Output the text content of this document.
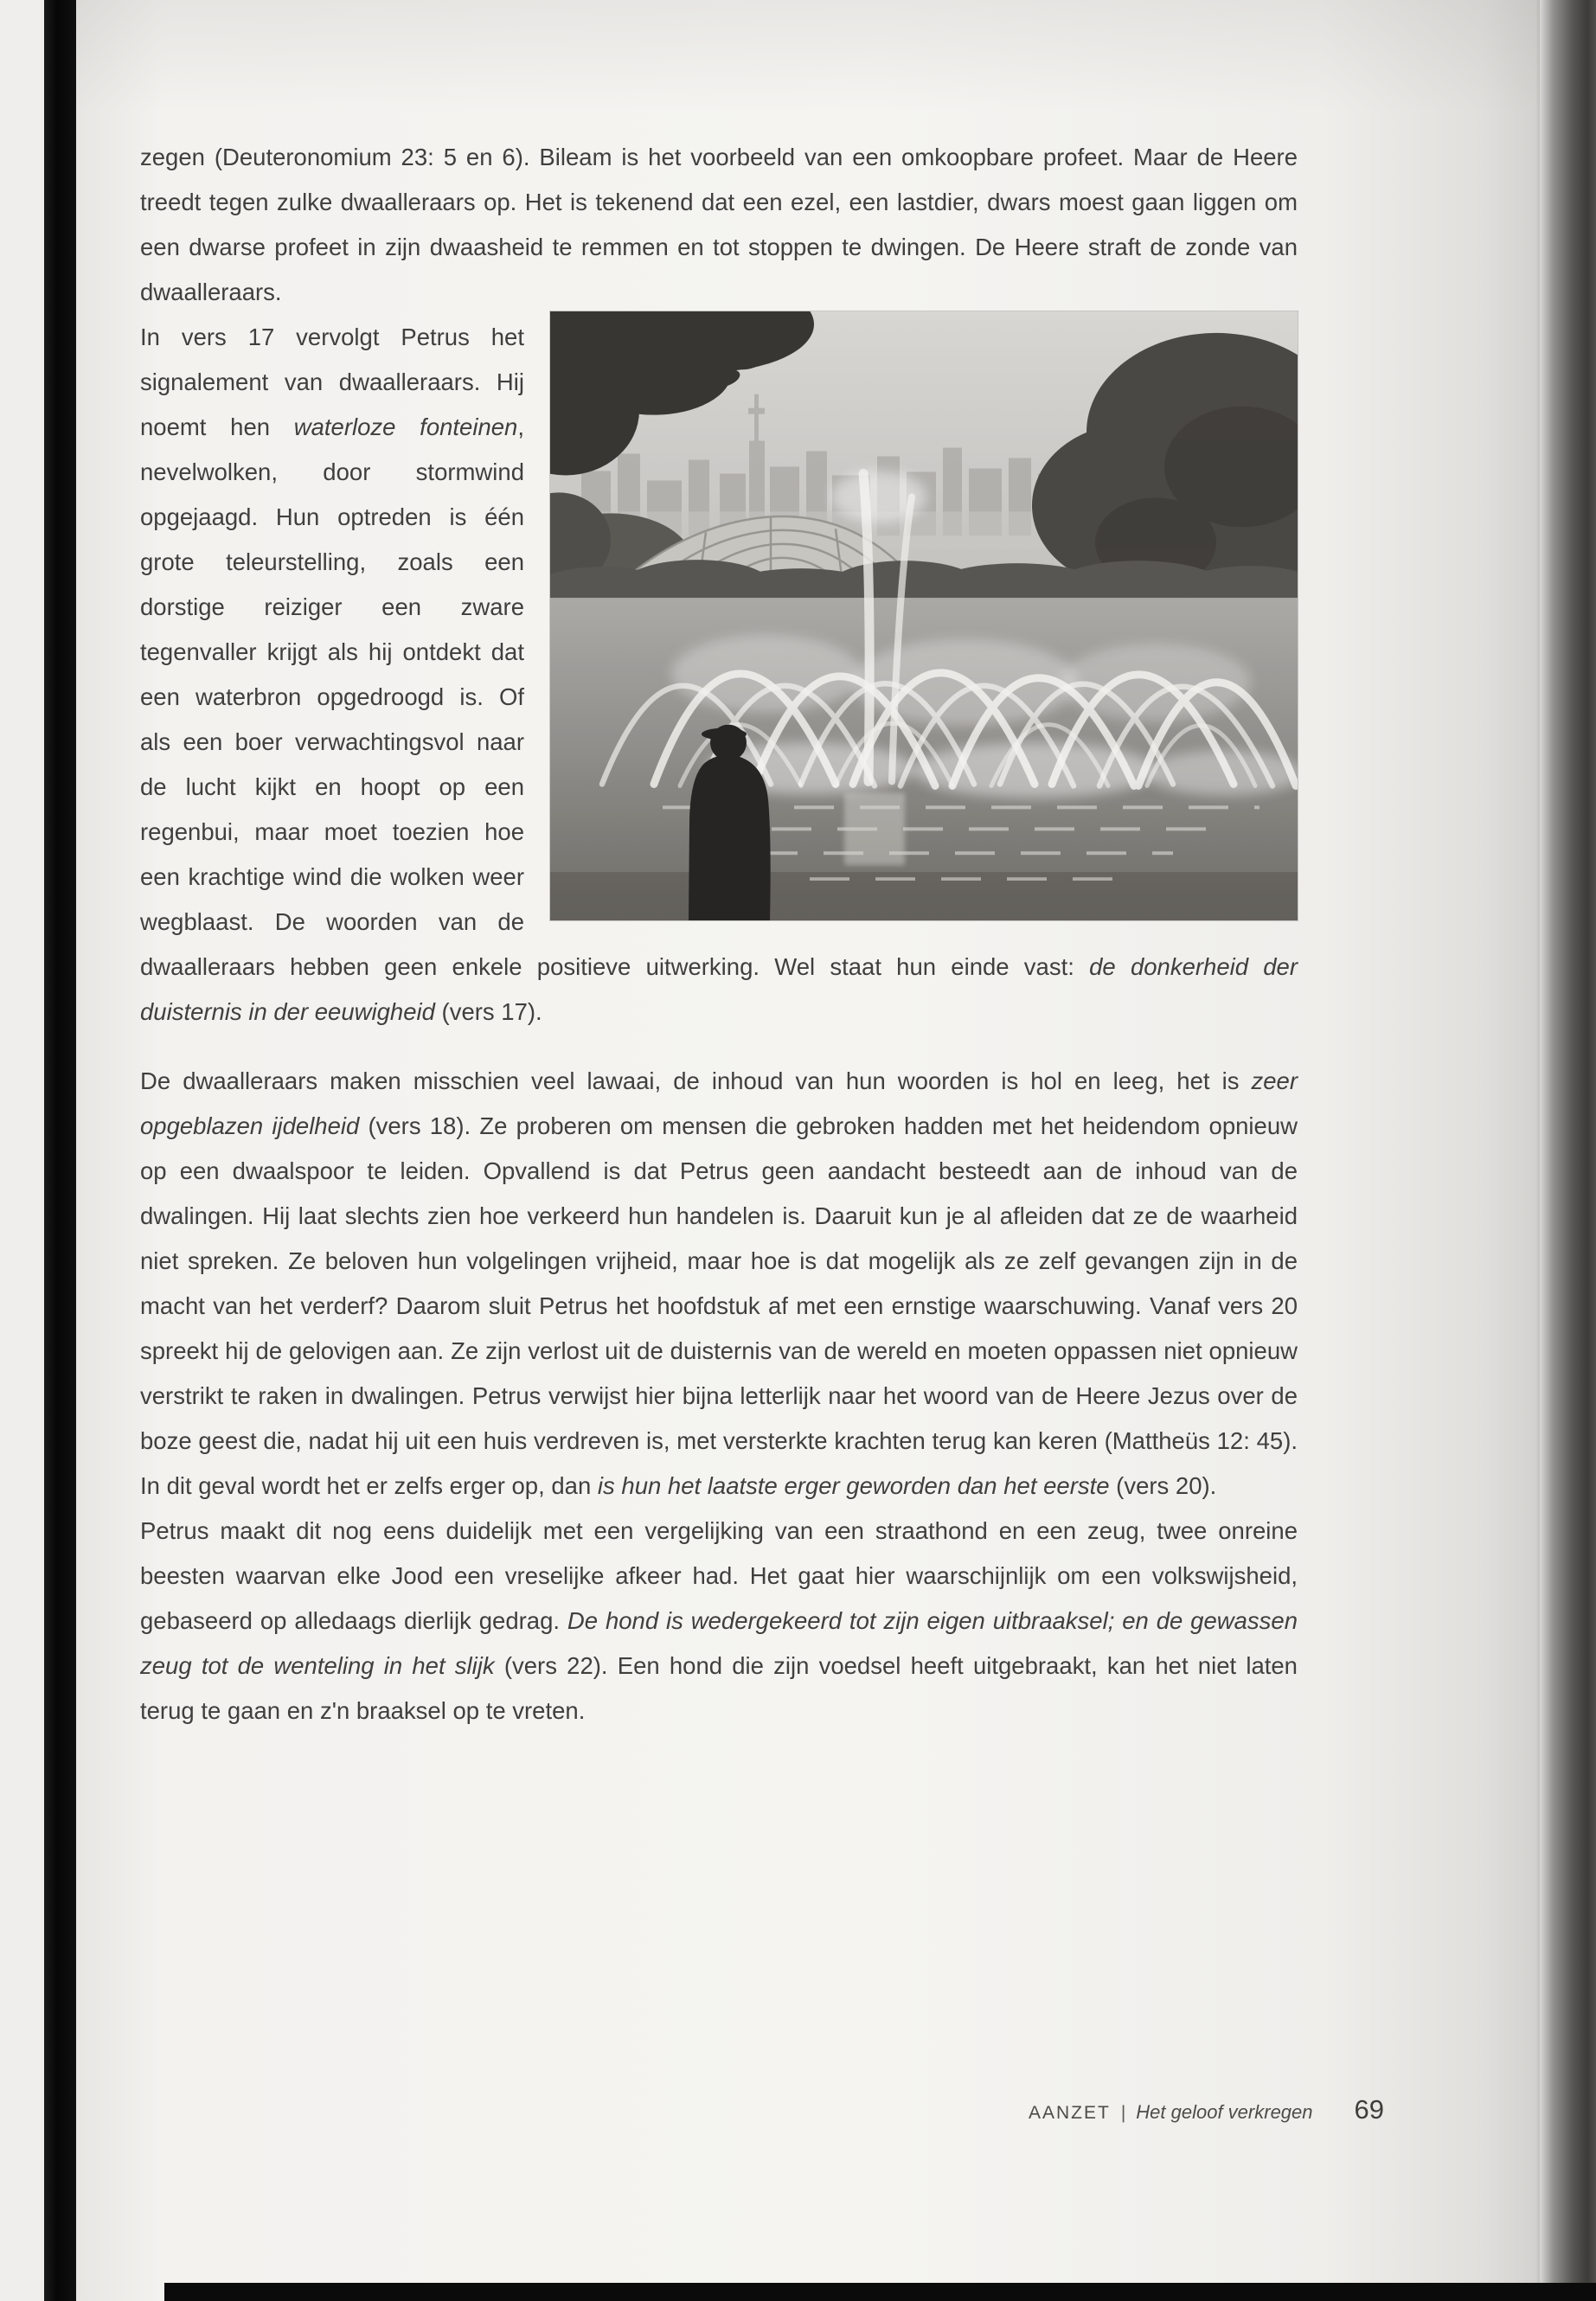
zegen (Deuteronomium 23: 5 en 6). Bileam is het voorbeeld van een omkoopbare profeet. Maar de Heere treedt tegen zulke dwaalleraars op. Het is tekenend dat een ezel, een lastdier, dwars moest gaan liggen om een dwarse profeet in zijn dwaasheid te remmen en tot stoppen te dwingen. De Heere straft de zonde van dwaalleraars.

In vers 17 vervolgt Petrus het signalement van dwaalleraars. Hij noemt hen waterloze fonteinen, nevelwolken, door stormwind opgejaagd. Hun optreden is één grote teleurstelling, zoals een dorstige reiziger een zware tegenvaller krijgt als hij ontdekt dat een waterbron opgedroogd is. Of als een boer verwachtingsvol naar de lucht kijkt en hoopt op een regenbui, maar moet toezien hoe een krachtige wind die wolken weer wegblaast. De woorden van de dwaalleraars hebben geen enkele positieve uitwerking. Wel staat hun einde vast: de donkerheid der duisternis in der eeuwigheid (vers 17).

De dwaalleraars maken misschien veel lawaai, de inhoud van hun woorden is hol en leeg, het is zeer opgeblazen ijdelheid (vers 18). Ze proberen om mensen die gebroken hadden met het heidendom opnieuw op een dwaalspoor te leiden. Opvallend is dat Petrus geen aandacht besteedt aan de inhoud van de dwalingen. Hij laat slechts zien hoe verkeerd hun handelen is. Daaruit kun je al afleiden dat ze de waarheid niet spreken. Ze beloven hun volgelingen vrijheid, maar hoe is dat mogelijk als ze zelf gevangen zijn in de macht van het verderf? Daarom sluit Petrus het hoofdstuk af met een ernstige waarschuwing. Vanaf vers 20 spreekt hij de gelovigen aan. Ze zijn verlost uit de duisternis van de wereld en moeten oppassen niet opnieuw verstrikt te raken in dwalingen. Petrus verwijst hier bijna letterlijk naar het woord van de Heere Jezus over de boze geest die, nadat hij uit een huis verdreven is, met versterkte krachten terug kan keren (Mattheüs 12: 45). In dit geval wordt het er zelfs erger op, dan is hun het laatste erger geworden dan het eerste (vers 20).

Petrus maakt dit nog eens duidelijk met een vergelijking van een straathond en een zeug, twee onreine beesten waarvan elke Jood een vreselijke afkeer had. Het gaat hier waarschijnlijk om een volkswijsheid, gebaseerd op alledaags dierlijk gedrag. De hond is wedergekeerd tot zijn eigen uitbraaksel; en de gewassen zeug tot de wenteling in het slijk (vers 22). Een hond die zijn voedsel heeft uitgebraakt, kan het niet laten terug te gaan en z'n braaksel op te vreten.

AANZET | Het geloof verkregen 69
